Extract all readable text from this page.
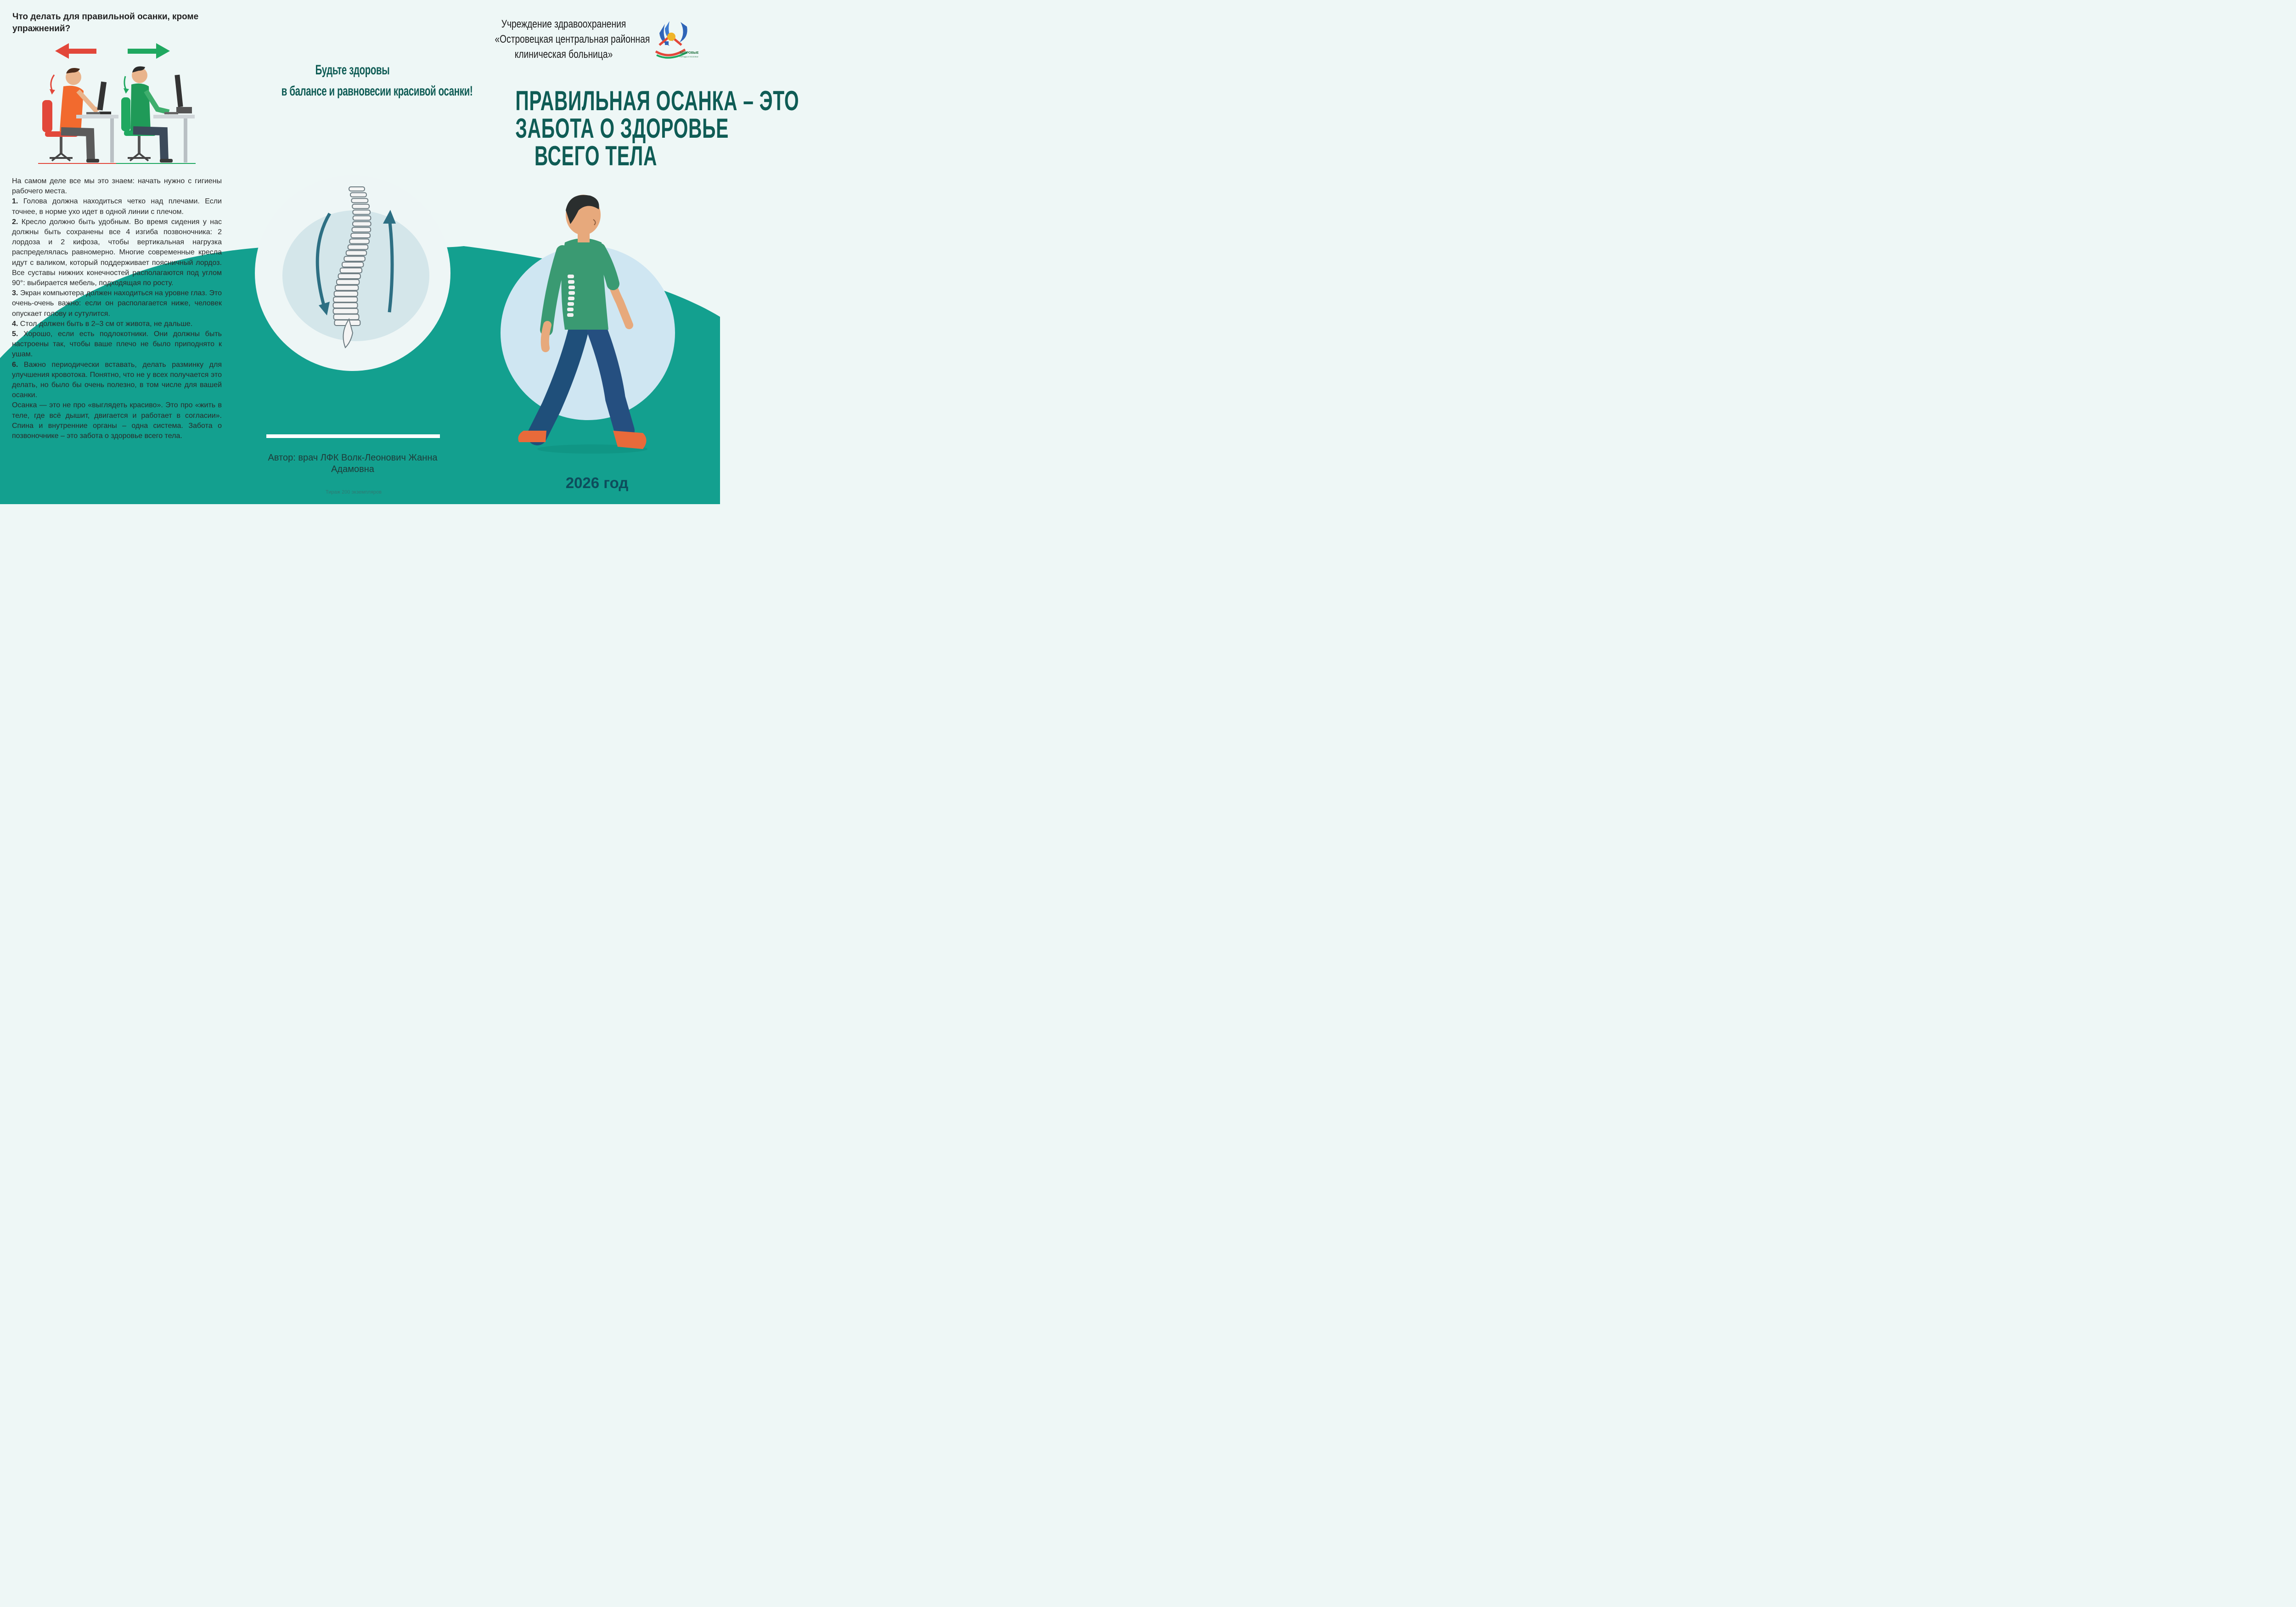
Что делать для правильной осанки, кроме упражнений?

На самом деле все мы это знаем: начать нужно с гигиены рабочего места.

1. Голова должна находиться четко над плечами. Если точнее, в норме ухо идет в одной линии с плечом.

2. Кресло должно быть удобным. Во время сидения у нас должны быть сохранены все 4 изгиба позвоночника: 2 лордоза и 2 кифоза, чтобы вертикальная нагрузка распределялась равномерно. Многие современные кресла идут с валиком, который поддерживает поясничный лордоз. Все суставы нижних конечностей располагаются под углом 90°: выбирается мебель, подходящая по росту.

3. Экран компьютера должен находиться на уровне глаз. Это очень-очень важно: если он располагается ниже, человек опускает голову и сутулится.

4. Стол должен быть в 2–3 см от живота, не дальше.

5. Хорошо, если есть подлокотники. Они должны быть настроены так, чтобы ваше плечо не было приподнято к ушам.

6. Важно периодически вставать, делать разминку для улучшения кровотока. Понятно, что не у всех получается это делать, но было бы очень полезно, в том числе для вашей осанки.

Осанка — это не про «выглядеть красиво». Это про «жить в теле, где всё дышит, двигается и работает в согласии». Спина и внутренние органы – одна система. Забота о позвоночнике – это забота о здоровье всего тела.

Будьте здоровы
в балансе и равновесии красивой осанки!
Автор: врач ЛФК Волк-Леонович Жанна Адамовна
Тираж 200 экземпляров
Учреждение здравоохранения
«Островецкая центральная районная
клиническая больница»	ЗДОРОВЫЕ
ГОРОДА И ПОСЕЛКИ
ПРАВИЛЬНАЯ ОСАНКА – ЭТО
ЗАБОТА О ЗДОРОВЬЕ
ВСЕГО ТЕЛА
2026 год
